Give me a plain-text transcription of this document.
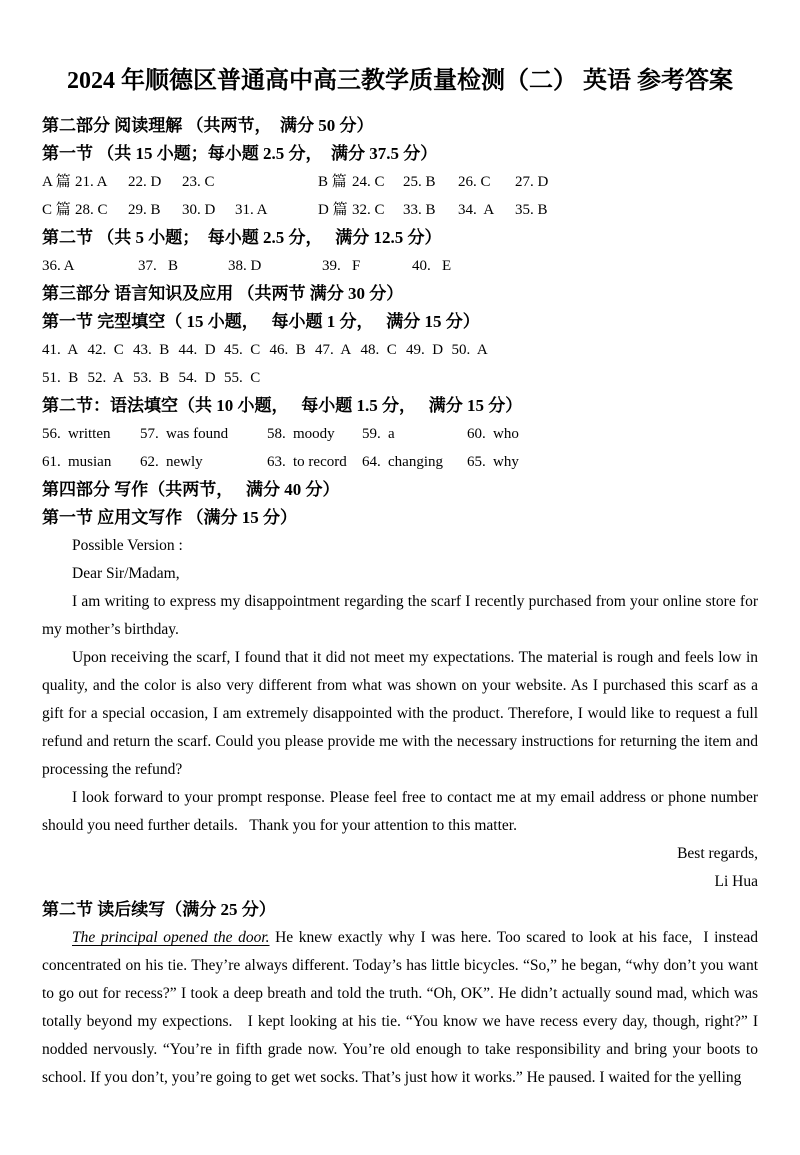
2024 年顺德区普通高中高三教学质量检测（二） 英语 参考答案
第二部分 阅读理解 （共两节，  满分 50 分）
第一节 （共 15 小题；每小题 2.5 分，  满分 37.5 分）
A 篇 21. A	22. D	23. C	B 篇 24. C	25. B	26. C	27. D
C 篇 28. C	29. B	30. D	31. A	D 篇 32. C	33. B	34.  A	35. B
第二节 （共 5 小题；  每小题 2.5 分，   满分 12.5 分）
36. A	37.   B	38. D	39.   F	40.   E
第三部分 语言知识及应用 （共两节 满分 30 分）
第一节 完型填空（ 15 小题，   每小题 1 分，   满分 15 分）
41.  A 42.  C 43.  B 44.  D 45.  C 46.  B 47.  A 48.  C 49.  D 50.  A
51.  B 52.  A 53.  B 54.  D 55.  C
第二节：语法填空（共 10 小题，   每小题 1.5 分，   满分 15 分）
56. written 57. was found	58. moody 59. a	60. who
61. musian 62. newly	63. to record 64. changing 65. why
第四部分 写作（共两节，   满分 40 分）
第一节 应用文写作 （满分 15 分）

Possible Version :

Dear Sir/Madam,

I am writing to express my disappointment regarding the scarf I recently purchased from your online store for my mother’s birthday.

Upon receiving the scarf, I found that it did not meet my expectations. The material is rough and feels low in quality, and the color is also very different from what was shown on your website. As I purchased this scarf as a gift for a special occasion, I am extremely disappointed with the product. Therefore, I would like to request a full refund and return the scarf. Could you please provide me with the necessary instructions for returning the item and processing the refund?

I look forward to your prompt response. Please feel free to contact me at my email address or phone number should you need further details.   Thank you for your attention to this matter.

Best regards,

Li Hua

第二节 读后续写（满分 25 分）

The principal opened the door. He knew exactly why I was here. Too scared to look at his face,  I instead concentrated on his tie. They’re always different. Today’s has little bicycles. “So,” he began, “why don’t you want to go out for recess?” I took a deep breath and told the truth. “Oh, OK”. He didn’t actually sound mad, which was totally beyond my expections.   I kept looking at his tie. “You know we have recess every day, though, right?” I nodded nervously. “You’re in fifth grade now. You’re old enough to take responsibility and bring your boots to school. If you don’t, you’re going to get wet socks. That’s just how it works.” He paused. I waited for the yelling
